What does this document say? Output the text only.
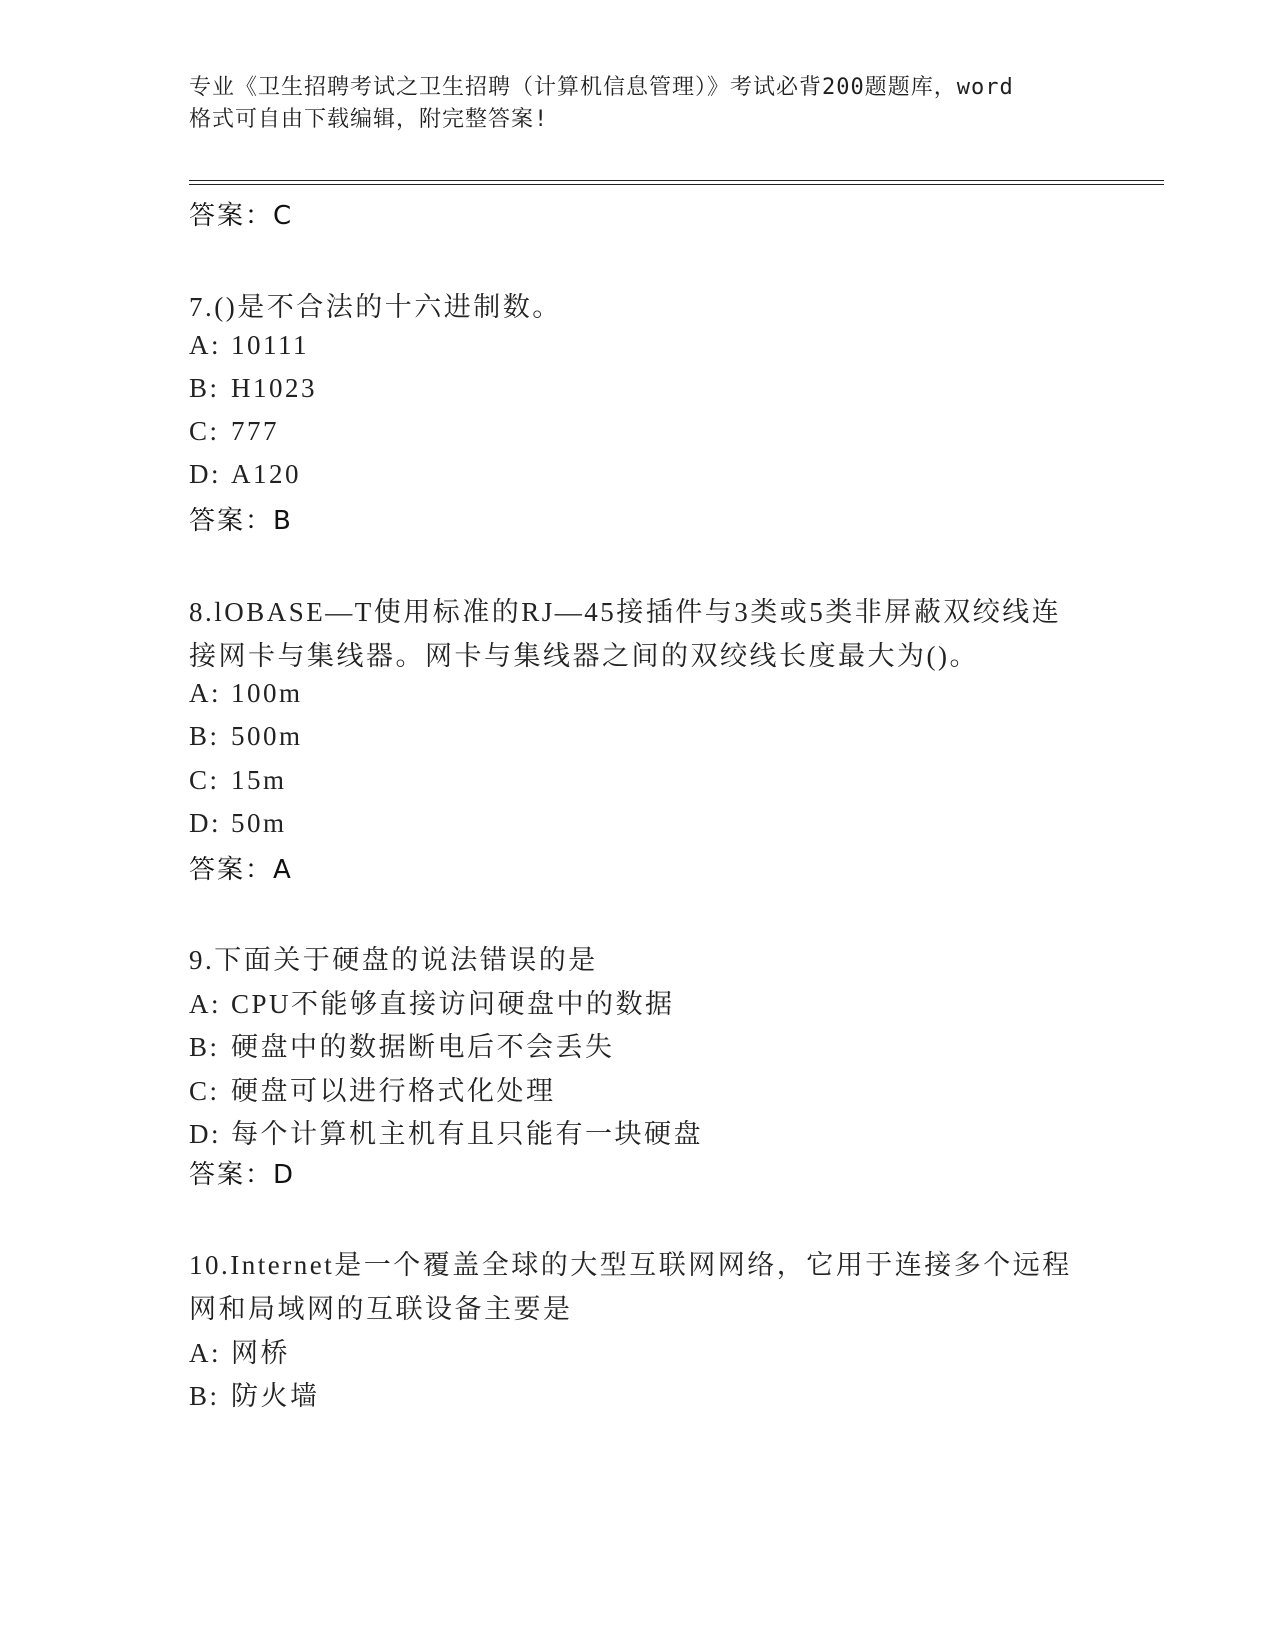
专业《卫生招聘考试之卫生招聘（计算机信息管理）》考试必背200题题库，word
格式可自由下载编辑，附完整答案!
答案：C
7.()是不合法的十六进制数。
A: 10111
B: H1023
C: 777
D: A120
答案：B
8.lOBASE—T使用标准的RJ—45接插件与3类或5类非屏蔽双绞线连
接网卡与集线器。网卡与集线器之间的双绞线长度最大为()。
A: 100m
B: 500m
C: 15m
D: 50m
答案：A
9.下面关于硬盘的说法错误的是
A: CPU不能够直接访问硬盘中的数据
B: 硬盘中的数据断电后不会丢失
C: 硬盘可以进行格式化处理
D: 每个计算机主机有且只能有一块硬盘
答案：D
10.Internet是一个覆盖全球的大型互联网网络，它用于连接多个远程
网和局域网的互联设备主要是
A: 网桥
B: 防火墙
